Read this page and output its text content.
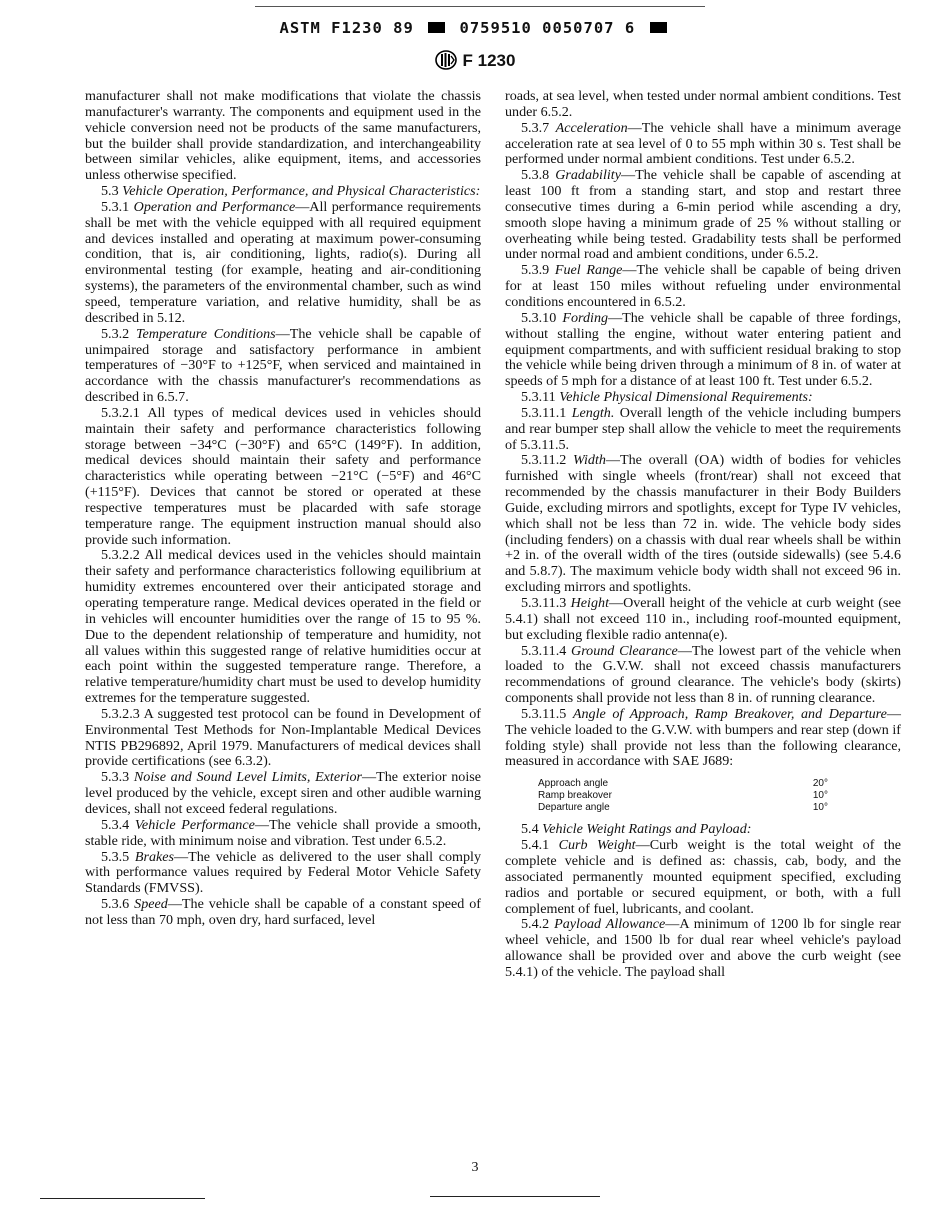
ASTM F1230 89	0759510 0050707 6
F 1230

manufacturer shall not make modifications that violate the chassis manufacturer's warranty. The components and equipment used in the vehicle conversion need not be products of the same manufacturers, but the builder shall provide standardization, and interchangeability between similar vehicles, alike equipment, items, and accessories unless otherwise specified.

5.3 Vehicle Operation, Performance, and Physical Characteristics:

5.3.1 Operation and Performance—All performance requirements shall be met with the vehicle equipped with all required equipment and devices installed and operating at maximum power-consuming condition, that is, air conditioning, lights, radio(s). During all environmental testing (for example, heating and air-conditioning systems), the parameters of the environmental chamber, such as wind speed, temperature variation, and relative humidity, shall be as described in 5.12.

5.3.2 Temperature Conditions—The vehicle shall be capable of unimpaired storage and satisfactory performance in ambient temperatures of −30°F to +125°F, when serviced and maintained in accordance with the chassis manufacturer's recommendations as described in 6.5.7.

5.3.2.1 All types of medical devices used in vehicles should maintain their safety and performance characteristics following storage between −34°C (−30°F) and 65°C (149°F). In addition, medical devices should maintain their safety and performance characteristics while operating between −21°C (−5°F) and 46°C (+115°F). Devices that cannot be stored or operated at these respective temperatures must be placarded with safe storage temperature range. The equipment instruction manual should also provide such information.

5.3.2.2 All medical devices used in the vehicles should maintain their safety and performance characteristics following equilibrium at humidity extremes encountered over their anticipated storage and operating temperature range. Medical devices operated in the field or in vehicles will encounter humidities over the range of 15 to 95 %. Due to the dependent relationship of temperature and humidity, not all values within this suggested range of relative humidities occur at each point within the suggested temperature range. Therefore, a relative temperature/humidity chart must be used to develop humidity extremes for the temperature suggested.

5.3.2.3 A suggested test protocol can be found in Development of Environmental Test Methods for Non-Implantable Medical Devices NTIS PB296892, April 1979. Manufacturers of medical devices shall provide certifications (see 6.3.2).

5.3.3 Noise and Sound Level Limits, Exterior—The exterior noise level produced by the vehicle, except siren and other audible warning devices, shall not exceed federal regulations.

5.3.4 Vehicle Performance—The vehicle shall provide a smooth, stable ride, with minimum noise and vibration. Test under 6.5.2.

5.3.5 Brakes—The vehicle as delivered to the user shall comply with performance values required by Federal Motor Vehicle Safety Standards (FMVSS).

5.3.6 Speed—The vehicle shall be capable of a constant speed of not less than 70 mph, oven dry, hard surfaced, level

roads, at sea level, when tested under normal ambient conditions. Test under 6.5.2.

5.3.7 Acceleration—The vehicle shall have a minimum average acceleration rate at sea level of 0 to 55 mph within 30 s. Test shall be performed under normal ambient conditions. Test under 6.5.2.

5.3.8 Gradability—The vehicle shall be capable of ascending at least 100 ft from a standing start, and stop and restart three consecutive times during a 6-min period while ascending a dry, smooth slope having a minimum grade of 25 % without stalling or overheating while being tested. Gradability tests shall be performed under normal road and ambient conditions, under 6.5.2.

5.3.9 Fuel Range—The vehicle shall be capable of being driven for at least 150 miles without refueling under environmental conditions encountered in 6.5.2.

5.3.10 Fording—The vehicle shall be capable of three fordings, without stalling the engine, without water entering patient and equipment compartments, and with sufficient residual braking to stop the vehicle while being driven through a minimum of 8 in. of water at speeds of 5 mph for a distance of at least 100 ft. Test under 6.5.2.

5.3.11 Vehicle Physical Dimensional Requirements:

5.3.11.1 Length. Overall length of the vehicle including bumpers and rear bumper step shall allow the vehicle to meet the requirements of 5.3.11.5.

5.3.11.2 Width—The overall (OA) width of bodies for vehicles furnished with single wheels (front/rear) shall not exceed that recommended by the chassis manufacturer in their Body Builders Guide, excluding mirrors and spotlights, except for Type IV vehicles, which shall not be less than 72 in. wide. The vehicle body sides (including fenders) on a chassis with dual rear wheels shall be within +2 in. of the overall width of the tires (outside sidewalls) (see 5.4.6 and 5.8.7). The maximum vehicle body width shall not exceed 96 in. excluding mirrors and spotlights.

5.3.11.3 Height—Overall height of the vehicle at curb weight (see 5.4.1) shall not exceed 110 in., including roof-mounted equipment, but excluding flexible radio antenna(e).

5.3.11.4 Ground Clearance—The lowest part of the vehicle when loaded to the G.V.W. shall not exceed chassis manufacturers recommendations of ground clearance. The vehicle's body (skirts) components shall provide not less than 8 in. of running clearance.

5.3.11.5 Angle of Approach, Ramp Breakover, and Departure—The vehicle loaded to the G.V.W. with bumpers and rear step (down if folding style) shall provide not less than the following clearance, measured in accordance with SAE J689:

Approach angle	20°
Ramp breakover	10°
Departure angle	10°

5.4 Vehicle Weight Ratings and Payload:

5.4.1 Curb Weight—Curb weight is the total weight of the complete vehicle and is defined as: chassis, cab, body, and the associated permanently mounted equipment specified, excluding radios and portable or secured equipment, or both, with a full complement of fuel, lubricants, and coolant.

5.4.2 Payload Allowance—A minimum of 1200 lb for single rear wheel vehicle, and 1500 lb for dual rear wheel vehicle's payload allowance shall be provided over and above the curb weight (see 5.4.1) of the vehicle. The payload shall

3
